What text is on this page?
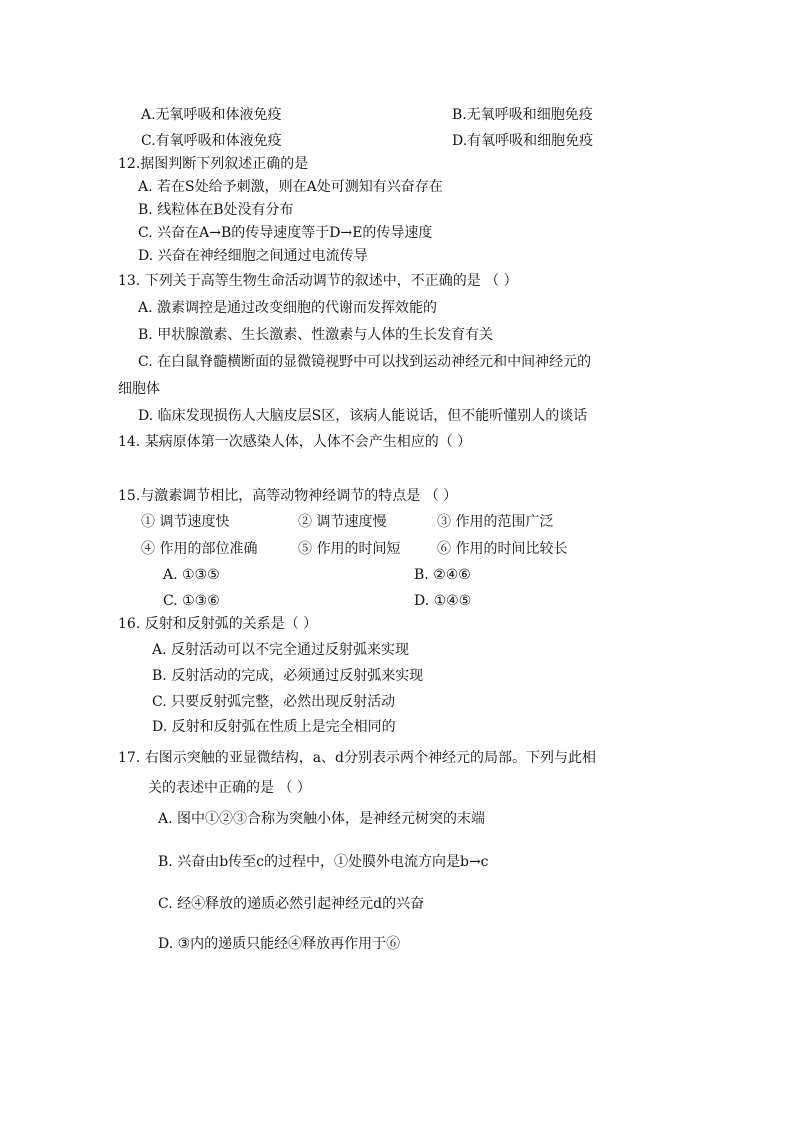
A.无氧呼吸和体液免疫	B.无氧呼吸和细胞免疫
C.有氧呼吸和体液免疫	D.有氧呼吸和细胞免疫
12.据图判断下列叙述正确的是
A. 若在S处给予刺激，则在A处可测知有兴奋存在
B. 线粒体在B处没有分布
C. 兴奋在A→B的传导速度等于D→E的传导速度
D. 兴奋在神经细胞之间通过电流传导
13. 下列关于高等生物生命活动调节的叙述中，不正确的是 （ ）
A. 激素调控是通过改变细胞的代谢而发挥效能的
B. 甲状腺激素、生长激素、性激素与人体的生长发育有关
C. 在白鼠脊髓横断面的显微镜视野中可以找到运动神经元和中间神经元的
细胞体
D. 临床发现损伤人大脑皮层S区，该病人能说话，但不能听懂别人的谈话
14. 某病原体第一次感染人体，人体不会产生相应的（ ）
15.与激素调节相比，高等动物神经调节的特点是 （ ）
① 调节速度快	② 调节速度慢	③ 作用的范围广泛
④ 作用的部位准确	⑤ 作用的时间短	⑥ 作用的时间比较长
A. ①③⑤	B. ②④⑥
C. ①③⑥	D. ①④⑤
16. 反射和反射弧的关系是（ ）
A. 反射活动可以不完全通过反射弧来实现
B. 反射活动的完成，必须通过反射弧来实现
C. 只要反射弧完整，必然出现反射活动
D. 反射和反射弧在性质上是完全相同的
17. 右图示突触的亚显微结构，a、d分别表示两个神经元的局部。下列与此相
关的表述中正确的是 （ ）
A. 图中①②③合称为突触小体，是神经元树突的末端
B. 兴奋由b传至c的过程中，①处膜外电流方向是b→c
C. 经④释放的递质必然引起神经元d的兴奋
D. ③内的递质只能经④释放再作用于⑥
